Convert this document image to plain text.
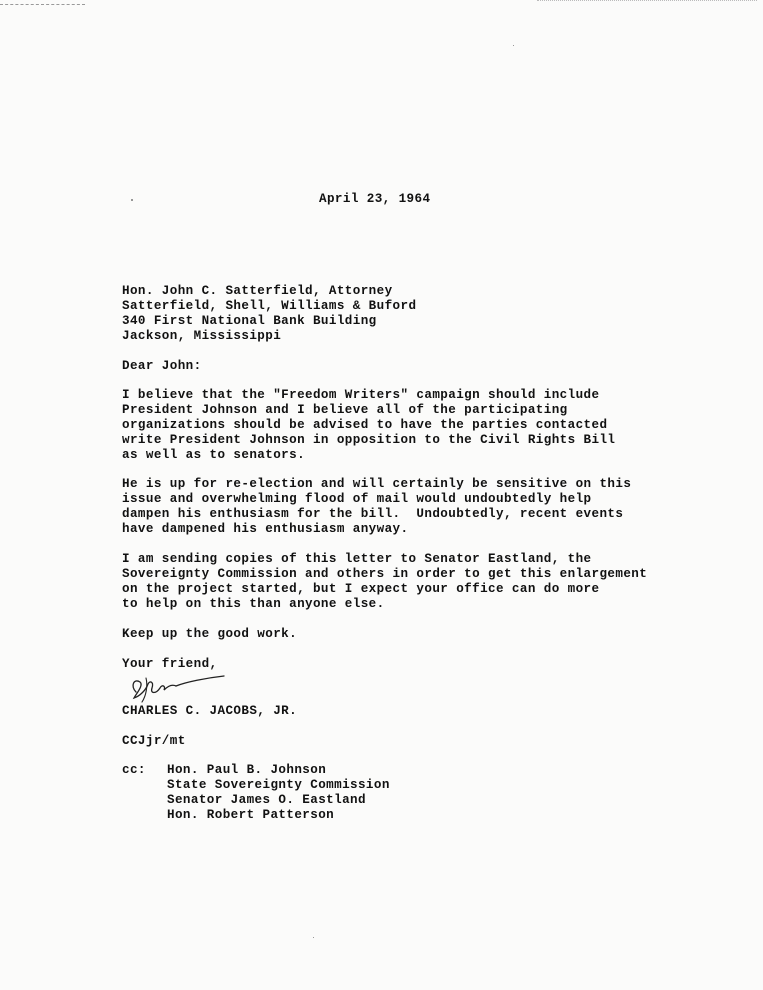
April 23, 1964
Hon. John C. Satterfield, Attorney
Satterfield, Shell, Williams & Buford
340 First National Bank Building
Jackson, Mississippi
Dear John:
I believe that the "Freedom Writers" campaign should include
President Johnson and I believe all of the participating
organizations should be advised to have the parties contacted
write President Johnson in opposition to the Civil Rights Bill
as well as to senators.
He is up for re-election and will certainly be sensitive on this
issue and overwhelming flood of mail would undoubtedly help
dampen his enthusiasm for the bill.  Undoubtedly, recent events
have dampened his enthusiasm anyway.
I am sending copies of this letter to Senator Eastland, the
Sovereignty Commission and others in order to get this enlargement
on the project started, but I expect your office can do more
to help on this than anyone else.
Keep up the good work.
Your friend,
CHARLES C. JACOBS, JR.
CCJjr/mt
cc: Hon. Paul B. Johnson
State Sovereignty Commission
Senator James O. Eastland
Hon. Robert Patterson
